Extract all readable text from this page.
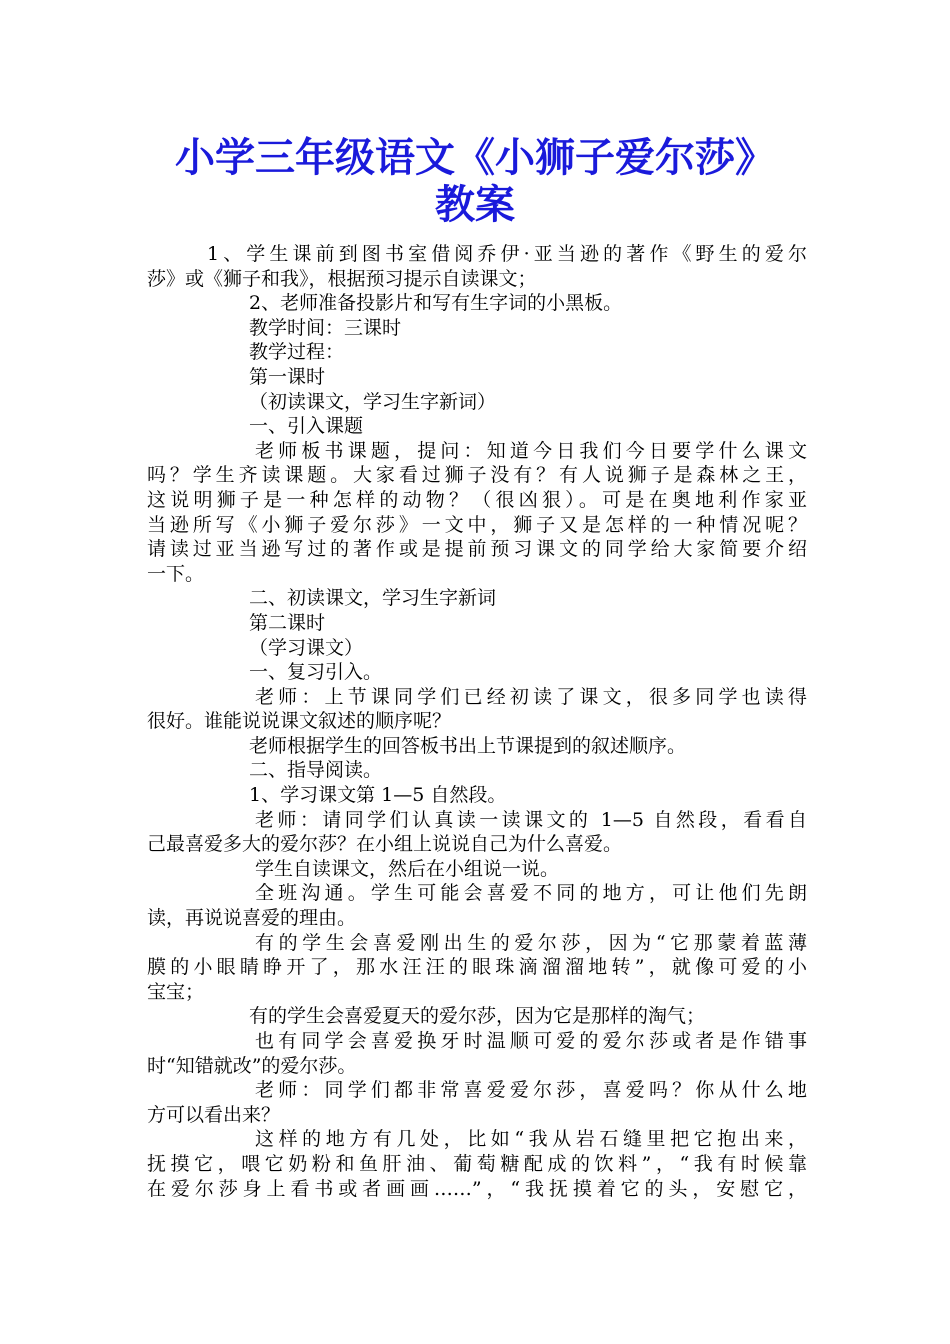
小学三年级语文《小狮子爱尔莎》
教案
1、学生课前到图书室借阅乔伊·亚当逊的著作《野生的爱尔
莎》或《狮子和我》，根据预习提示自读课文；
2、老师准备投影片和写有生字词的小黑板。
教学时间：三课时
教学过程：
第一课时
（初读课文，学习生字新词）
一、引入课题
老师板书课题，提问：知道今日我们今日要学什么课文
吗？学生齐读课题。大家看过狮子没有？有人说狮子是森林之王，
这说明狮子是一种怎样的动物？（很凶狠）。可是在奥地利作家亚
当逊所写《小狮子爱尔莎》一文中，狮子又是怎样的一种情况呢？
请读过亚当逊写过的著作或是提前预习课文的同学给大家简要介绍
一下。
二、初读课文，学习生字新词
第二课时
（学习课文）
一、复习引入。
老师：上节课同学们已经初读了课文，很多同学也读得
很好。谁能说说课文叙述的顺序呢？
老师根据学生的回答板书出上节课提到的叙述顺序。
二、指导阅读。
1、学习课文第 1—5 自然段。
老师：请同学们认真读一读课文的 1—5 自然段，看看自
己最喜爱多大的爱尔莎？在小组上说说自己为什么喜爱。
学生自读课文，然后在小组说一说。
全班沟通。学生可能会喜爱不同的地方，可让他们先朗
读，再说说喜爱的理由。
有的学生会喜爱刚出生的爱尔莎，因为“它那蒙着蓝薄
膜的小眼睛睁开了，那水汪汪的眼珠滴溜溜地转”，就像可爱的小
宝宝；
有的学生会喜爱夏天的爱尔莎，因为它是那样的淘气；
也有同学会喜爱换牙时温顺可爱的爱尔莎或者是作错事
时“知错就改”的爱尔莎。
老师：同学们都非常喜爱爱尔莎，喜爱吗？你从什么地
方可以看出来？
这样的地方有几处，比如“我从岩石缝里把它抱出来，
抚摸它，喂它奶粉和鱼肝油、葡萄糖配成的饮料”，“我有时候靠
在爱尔莎身上看书或者画画……”，“我抚摸着它的头，安慰它，
